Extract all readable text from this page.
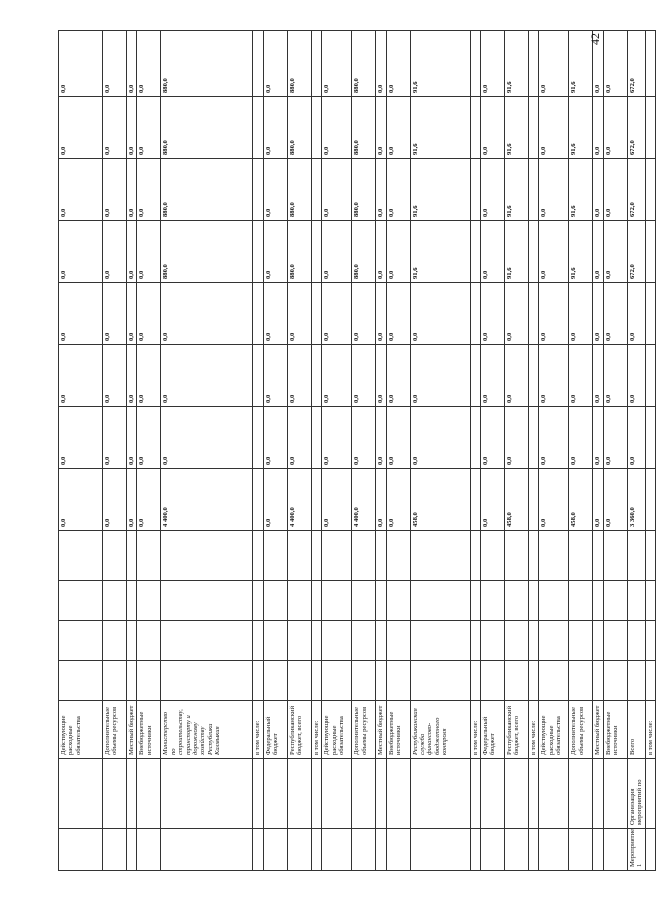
		Действующие расходные обязательства					0,0	0,0	0,0	0,0	0,0	0,0	0,0	0,0
		Дополнительные объемы ресурсов					0,0	0,0	0,0	0,0	0,0	0,0	0,0	0,0
		Местный бюджет					0,0	0,0	0,0	0,0	0,0	0,0	0,0	0,0
		Внебюджетные источники					0,0	0,0	0,0	0,0	0,0	0,0	0,0	0,0
		Министерство по строительству, транспорту и дорожному хозяйству Республики Калмыкия					4 400,0	0,0	0,0	0,0	880,0	880,0	880,0	880,0
		в том числе:												
		Федеральный бюджет					0,0	0,0	0,0	0,0	0,0	0,0	0,0	0,0
		Республиканский бюджет, всего					4 400,0	0,0	0,0	0,0	880,0	880,0	880,0	880,0
		в том числе:												
		Действующие расходные обязательства					0,0	0,0	0,0	0,0	0,0	0,0	0,0	0,0
		Дополнительные объемы ресурсов					4 400,0	0,0	0,0	0,0	880,0	880,0	880,0	880,0
		Местный бюджет					0,0	0,0	0,0	0,0	0,0	0,0	0,0	0,0
		Внебюджетные источники					0,0	0,0	0,0	0,0	0,0	0,0	0,0	0,0
		Республиканская служба финансово-бюджетного контроля					458,0	0,0	0,0	0,0	91,6	91,6	91,6	91,6
		в том числе:												
		Федеральный бюджет					0,0	0,0	0,0	0,0	0,0	0,0	0,0	0,0
		Республиканский бюджет, всего					458,0	0,0	0,0	0,0	91,6	91,6	91,6	91,6
		в том числе:												
		Действующие расходные обязательства					0,0	0,0	0,0	0,0	0,0	0,0	0,0	0,0
		Дополнительные объемы ресурсов					458,0	0,0	0,0	0,0	91,6	91,6	91,6	91,6
		Местный бюджет					0,0	0,0	0,0	0,0	0,0	0,0	0,0	0,0
		Внебюджетные источники					0,0	0,0	0,0	0,0	0,0	0,0	0,0	0,0
Мероприятие 1	Организация мероприятий по	Всего					3 360,0	0,0	0,0	0,0	672,0	672,0	672,0	672,0
		в том числе:												
42
